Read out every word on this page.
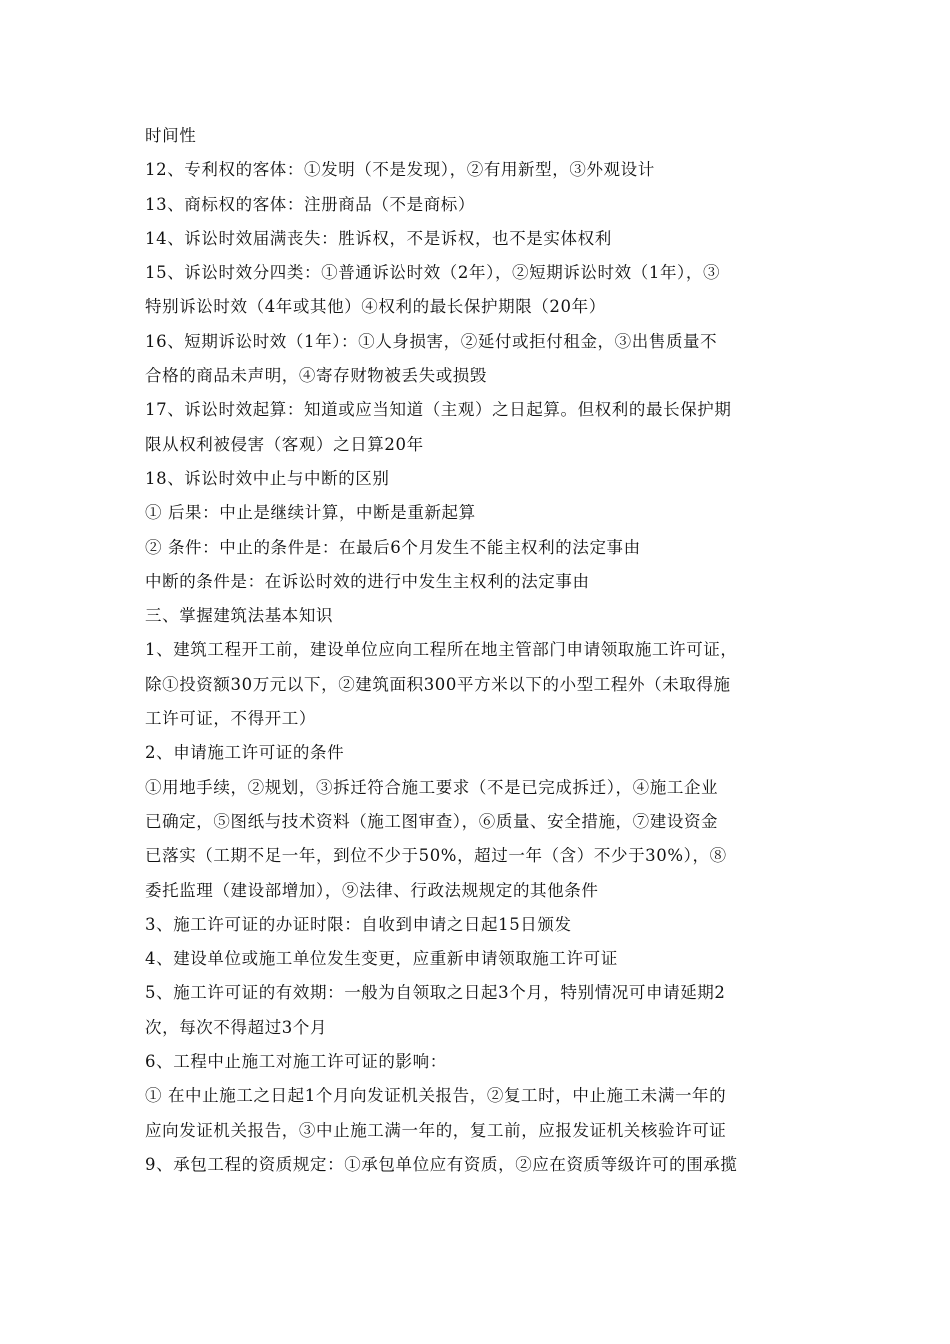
时间性
12、专利权的客体：①发明（不是发现），②有用新型，③外观设计
13、商标权的客体：注册商品（不是商标）
14、诉讼时效届满丧失：胜诉权，不是诉权，也不是实体权利
15、诉讼时效分四类：①普通诉讼时效（2年），②短期诉讼时效（1年），③
特别诉讼时效（4年或其他）④权利的最长保护期限（20年）
16、短期诉讼时效（1年）：①人身损害，②延付或拒付租金，③出售质量不
合格的商品未声明，④寄存财物被丢失或损毁
17、诉讼时效起算：知道或应当知道（主观）之日起算。但权利的最长保护期
限从权利被侵害（客观）之日算20年
18、诉讼时效中止与中断的区别
① 后果：中止是继续计算，中断是重新起算
② 条件：中止的条件是：在最后6个月发生不能主权利的法定事由
中断的条件是：在诉讼时效的进行中发生主权利的法定事由
三、掌握建筑法基本知识
1、建筑工程开工前，建设单位应向工程所在地主管部门申请领取施工许可证，
除①投资额30万元以下，②建筑面积300平方米以下的小型工程外（未取得施
工许可证，不得开工）
2、申请施工许可证的条件
①用地手续，②规划，③拆迁符合施工要求（不是已完成拆迁），④施工企业
已确定，⑤图纸与技术资料（施工图审查），⑥质量、安全措施，⑦建设资金
已落实（工期不足一年，到位不少于50%，超过一年（含）不少于30%），⑧
委托监理（建设部增加），⑨法律、行政法规规定的其他条件
3、施工许可证的办证时限：自收到申请之日起15日颁发
4、建设单位或施工单位发生变更，应重新申请领取施工许可证
5、施工许可证的有效期：一般为自领取之日起3个月，特别情况可申请延期2
次，每次不得超过3个月
6、工程中止施工对施工许可证的影响：
① 在中止施工之日起1个月向发证机关报告，②复工时，中止施工未满一年的
应向发证机关报告，③中止施工满一年的，复工前，应报发证机关核验许可证
9、承包工程的资质规定：①承包单位应有资质，②应在资质等级许可的围承揽
